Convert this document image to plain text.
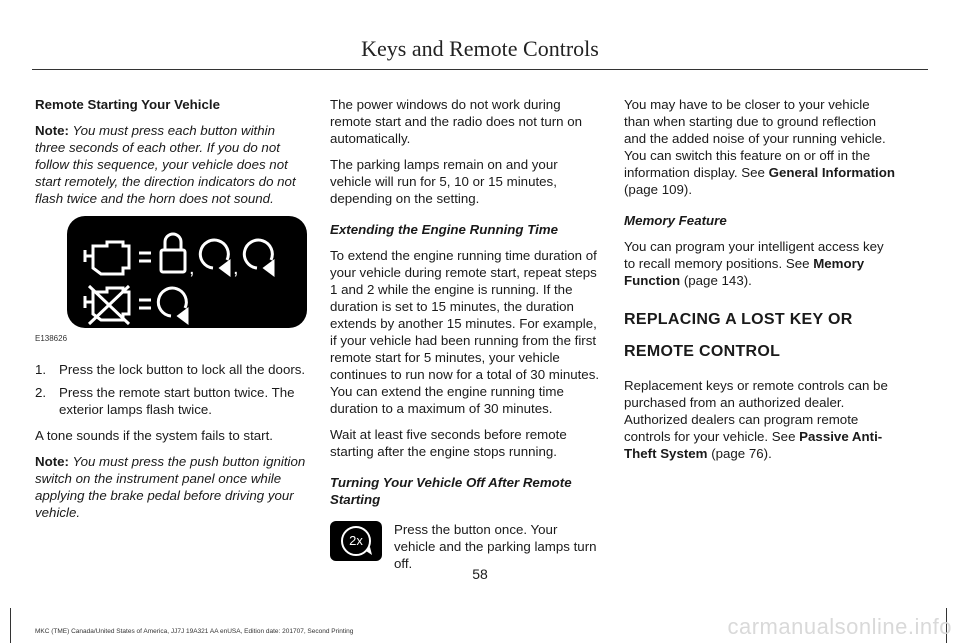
Keys and Remote Controls

Remote Starting Your Vehicle

Note: You must press each button within three seconds of each other. If you do not follow this sequence, your vehicle does not start remotely, the direction indicators do not flash twice and the horn does not sound.

, ,
E138626
1. Press the lock button to lock all the doors.
2. Press the remote start button twice. The exterior lamps flash twice.

A tone sounds if the system fails to start.

Note: You must press the push button ignition switch on the instrument panel once while applying the brake pedal before driving your vehicle.

The power windows do not work during remote start and the radio does not turn on automatically.

The parking lamps remain on and your vehicle will run for 5, 10 or 15 minutes, depending on the setting.

Extending the Engine Running Time

To extend the engine running time duration of your vehicle during remote start, repeat steps 1 and 2 while the engine is running. If the duration is set to 15 minutes, the duration extends by another 15 minutes. For example, if your vehicle had been running from the first remote start for 5 minutes, your vehicle continues to run now for a total of 30 minutes. You can extend the engine running time duration to a maximum of 30 minutes.

Wait at least five seconds before remote starting after the engine stops running.

Turning Your Vehicle Off After Remote Starting

2x

Press the button once. Your vehicle and the parking lamps turn off.

You may have to be closer to your vehicle than when starting due to ground reflection and the added noise of your running vehicle. You can switch this feature on or off in the information display. See General Information (page 109).

Memory Feature

You can program your intelligent access key to recall memory positions. See Memory Function (page 143).

REPLACING A LOST KEY OR
REMOTE CONTROL

Replacement keys or remote controls can be purchased from an authorized dealer. Authorized dealers can program remote controls for your vehicle. See Passive Anti-Theft System (page 76).

58
MKC (TME) Canada/United States of America, JJ7J 19A321 AA enUSA, Edition date: 201707, Second Printing	carmanualsonline.info
